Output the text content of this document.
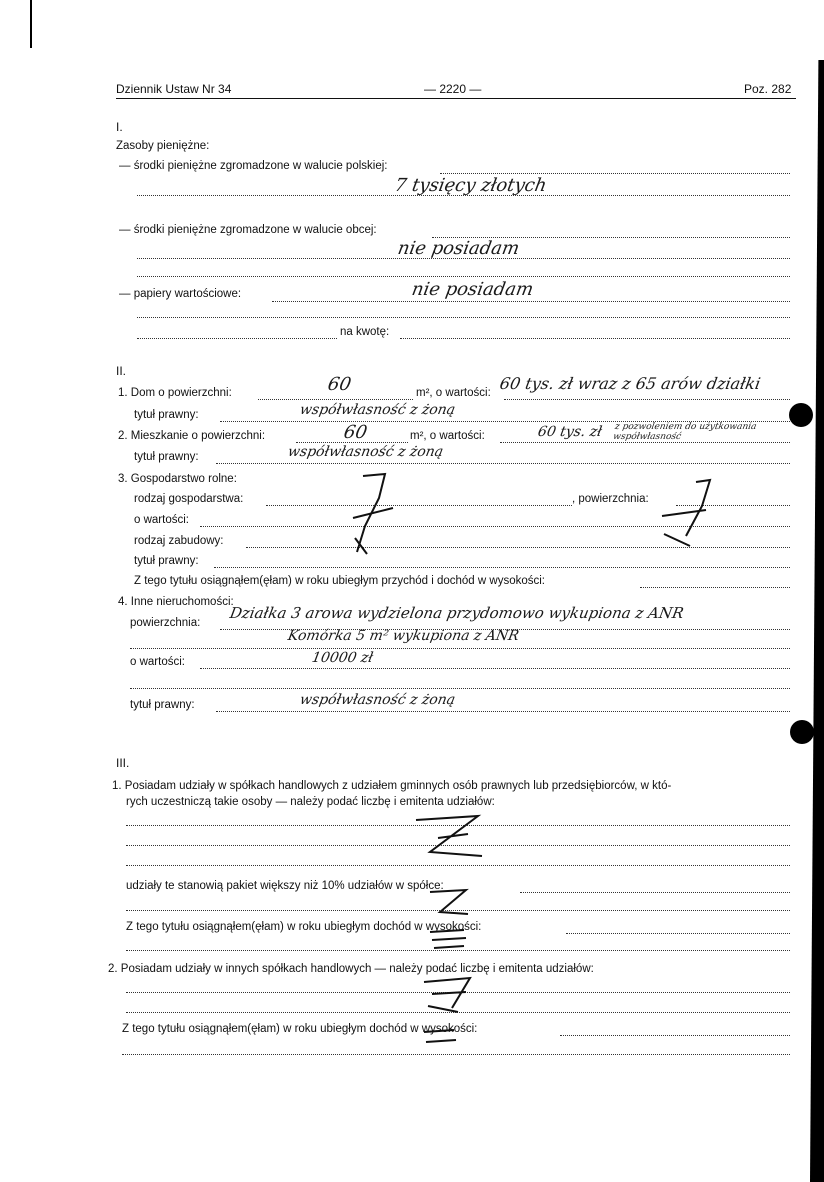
Dziennik Ustaw Nr 34	— 2220 —	Poz. 282
I.
Zasoby pieniężne:
— środki pieniężne zgromadzone w walucie polskiej:
7 tysięcy złotych
— środki pieniężne zgromadzone w walucie obcej:
nie posiadam
— papiery wartościowe:	nie posiadam
na kwotę:
II.
1. Dom o powierzchni:	60	m², o wartości: 60 tys. zł wraz z 65 arów działki
tytuł prawny:	współwłasność z żoną
2. Mieszkanie o powierzchni:	60	m², o wartości:	60 tys. zł z pozwoleniem do użytkowania współwłasność
tytuł prawny:	współwłasność z żoną
3. Gospodarstwo rolne:
rodzaj gospodarstwa:	, powierzchnia:
o wartości:
rodzaj zabudowy:
tytuł prawny:
Z tego tytułu osiągnąłem(ęłam) w roku ubiegłym przychód i dochód w wysokości:
4. Inne nieruchomości:
powierzchnia:
Działka 3 arowa wydzielona przydomowo wykupiona z ANR
Komórka 5 m² wykupiona z ANR
o wartości:	10000 zł
tytuł prawny:	współwłasność z żoną
III.
1. Posiadam udziały w spółkach handlowych z udziałem gminnych osób prawnych lub przedsiębiorców, w któ-
rych uczestniczą takie osoby — należy podać liczbę i emitenta udziałów:
udziały te stanowią pakiet większy niż 10% udziałów w spółce:
Z tego tytułu osiągnąłem(ęłam) w roku ubiegłym dochód w wysokości:
2. Posiadam udziały w innych spółkach handlowych — należy podać liczbę i emitenta udziałów:
Z tego tytułu osiągnąłem(ęłam) w roku ubiegłym dochód w wysokości:
